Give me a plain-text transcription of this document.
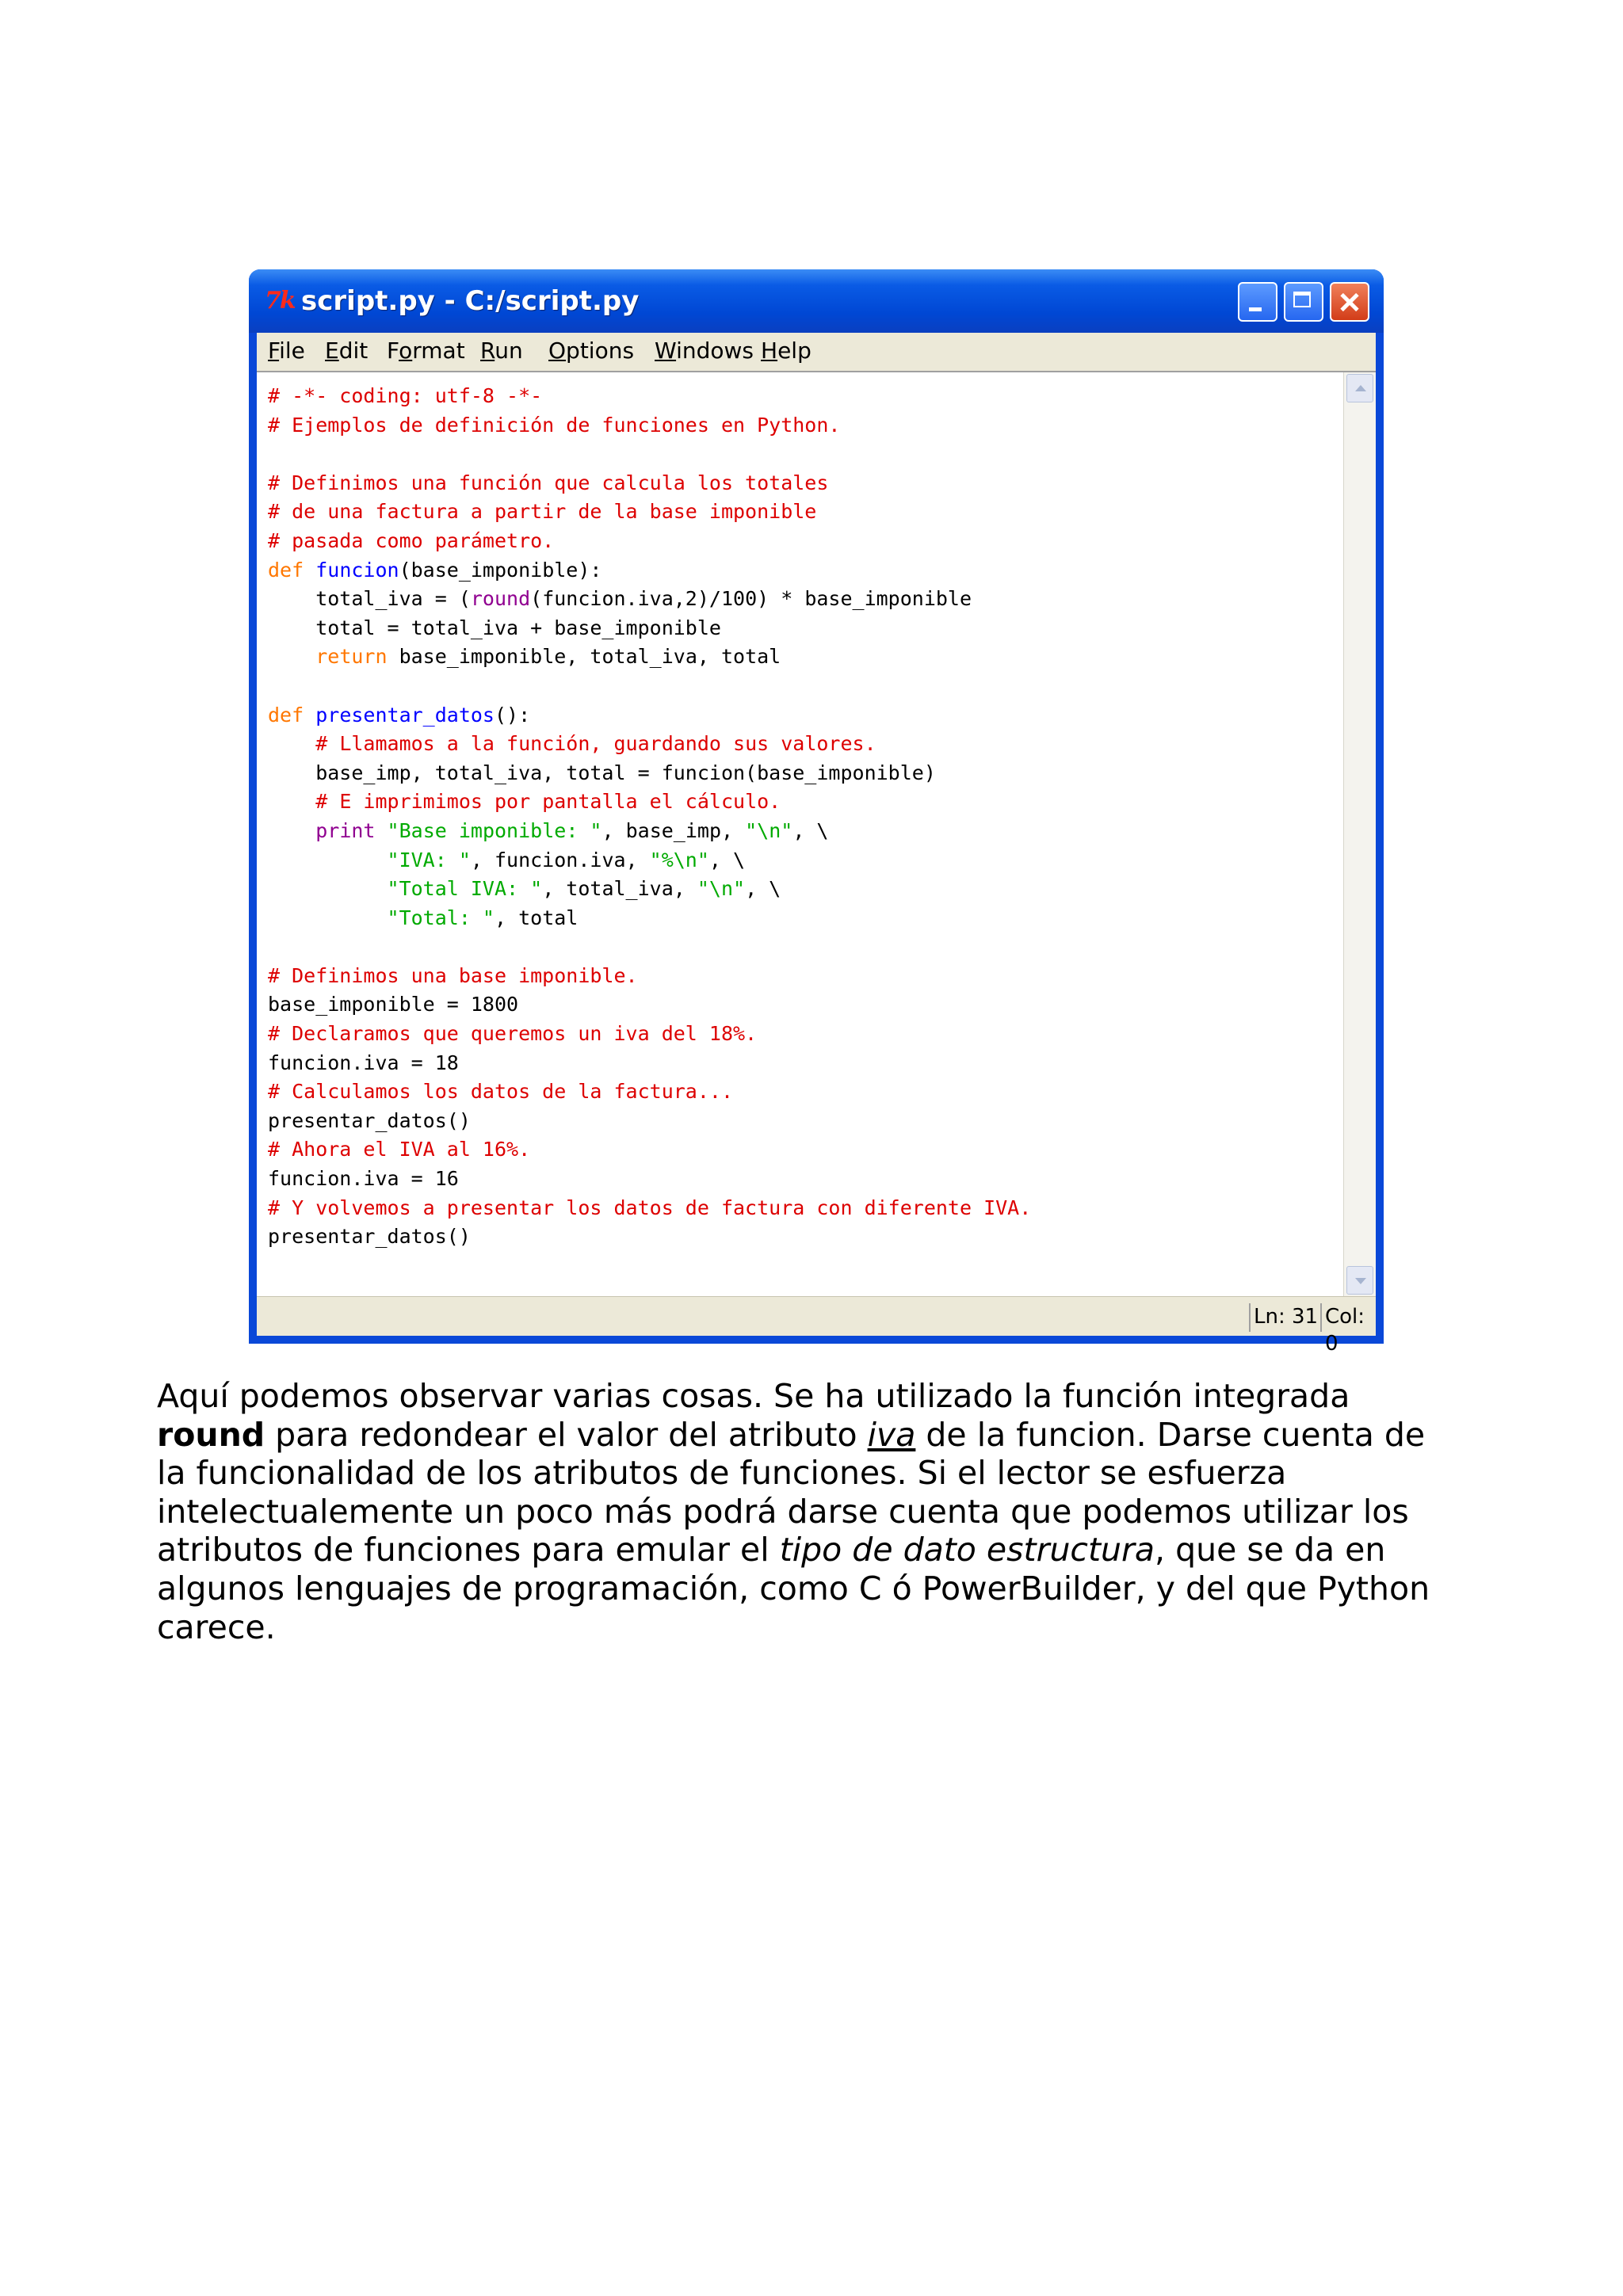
7k script.py - C:/script.py
File Edit Format Run Options Windows Help
# -*- coding: utf-8 -*-
# Ejemplos de definición de funciones en Python.
# Definimos una función que calcula los totales
# de una factura a partir de la base imponible
# pasada como parámetro.
def funcion(base_imponible):
total_iva = (round(funcion.iva,2)/100) * base_imponible
total = total_iva + base_imponible
return base_imponible, total_iva, total
def presentar_datos():
# Llamamos a la función, guardando sus valores.
base_imp, total_iva, total = funcion(base_imponible)
# E imprimimos por pantalla el cálculo.
print "Base imponible: ", base_imp, "\n", \
"IVA: ", funcion.iva, "%\n", \
"Total IVA: ", total_iva, "\n", \
"Total: ", total
# Definimos una base imponible.
base_imponible = 1800
# Declaramos que queremos un iva del 18%.
funcion.iva = 18
# Calculamos los datos de la factura...
presentar_datos()
# Ahora el IVA al 16%.
funcion.iva = 16
# Y volvemos a presentar los datos de factura con diferente IVA.
presentar_datos()
Ln: 31 Col: 0

Aquí podemos observar varias cosas. Se ha utilizado la función integrada
round para redondear el valor del atributo iva de la funcion. Darse cuenta de
la funcionalidad de los atributos de funciones. Si el lector se esfuerza
intelectualemente un poco más podrá darse cuenta que podemos utilizar los
atributos de funciones para emular el tipo de dato estructura, que se da en
algunos lenguajes de programación, como C ó PowerBuilder, y del que Python
carece.
